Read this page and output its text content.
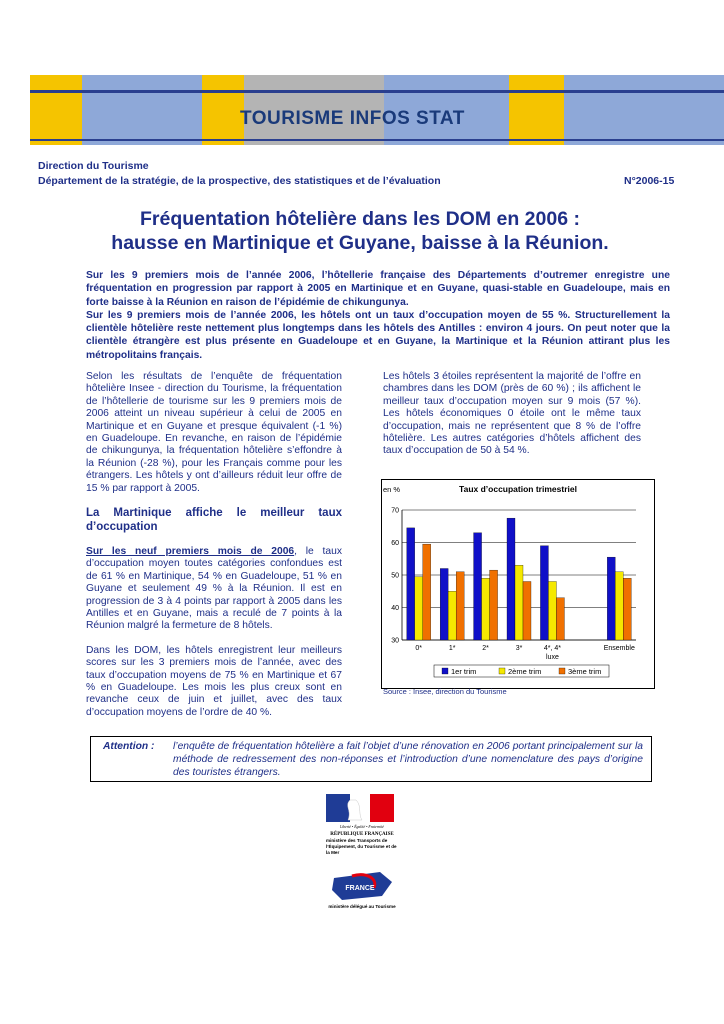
TOURISME INFOS STAT
Direction du Tourisme
Département de la stratégie, de la prospective, des statistiques et de l’évaluation	N°2006-15
Fréquentation hôtelière dans les DOM en 2006 :
hausse en Martinique et Guyane, baisse à la Réunion.
Sur les 9 premiers mois de l’année 2006, l’hôtellerie française des Départements d’outremer enregistre une fréquentation en progression par rapport à 2005 en Martinique et en Guyane, quasi-stable en Guadeloupe, mais en forte baisse à la Réunion en raison de l’épidémie de chikungunya.
Sur les 9 premiers mois de l’année 2006, les hôtels ont un taux d’occupation moyen de 55 %. Structurellement la clientèle hôtelière reste nettement plus longtemps dans les hôtels des Antilles : environ 4 jours. On peut noter que la clientèle étrangère est plus présente en Guadeloupe et en Guyane, la Martinique et la Réunion attirant plus les métropolitains français.

Selon les résultats de l’enquête de fréquentation hôtelière Insee - direction du Tourisme, la fréquentation de l’hôtellerie de tourisme sur les 9 premiers mois de 2006 atteint un niveau supérieur à celui de 2005 en Martinique et en Guyane et presque équivalent (-1 %) en Guadeloupe. En revanche, en raison de l’épidémie de chikungunya, la fréquentation hôtelière s’effondre à la Réunion (-28 %), pour les Français comme pour les étrangers. Les hôtels y ont d’ailleurs réduit leur offre de 15 % par rapport à 2005.

La Martinique affiche le meilleur taux d’occupation

Sur les neuf premiers mois de 2006, le taux d’occupation moyen toutes catégories confondues est de 61 % en Martinique, 54 % en Guadeloupe, 51 % en Guyane et seulement 49 % à la Réunion. Il est en progression de 3 à 4 points par rapport à 2005 dans les Antilles et en Guyane, mais a reculé de 7 points à la Réunion malgré la fermeture de 8 hôtels.

Dans les DOM, les hôtels enregistrent leur meilleurs scores sur les 3 premiers mois de l’année, avec des taux d’occupation moyens de 75 % en Martinique et 67 % en Guadeloupe. Les mois les plus creux sont en revanche ceux de juin et juillet, avec des taux d’occupation moyens de l’ordre de 40 %.

Les hôtels 3 étoiles représentent la majorité de l’offre en chambres dans les DOM (près de 60 %) ; ils affichent le meilleur taux d’occupation moyen sur 9 mois (57 %). Les hôtels économiques 0 étoile ont le même taux d’occupation, mais ne représentent que 8 % de l’offre hôtelière. Les autres catégories d’hôtels affichent des taux d’occupation de 50 à 54 %.

en %	Taux d’occupation trimestriel
30
40
50
60
70
0*	1*	2*	3*	4*, 4*
luxe
Ensemble
1er trim	2ème trim	3ème trim
Source : Insee, direction du Tourisme
Attention : l’enquête de fréquentation hôtelière a fait l’objet d’une rénovation en 2006 portant principalement sur la méthode de redressement des non-réponses et l’introduction d’une nomenclature des pays d’origine des touristes étrangers.
Liberté • Égalité • Fraternité
RÉPUBLIQUE FRANÇAISE
ministère des Transports de l’Équipement, du Tourisme et de la Mer
FRANCE
ministère délégué au Tourisme
